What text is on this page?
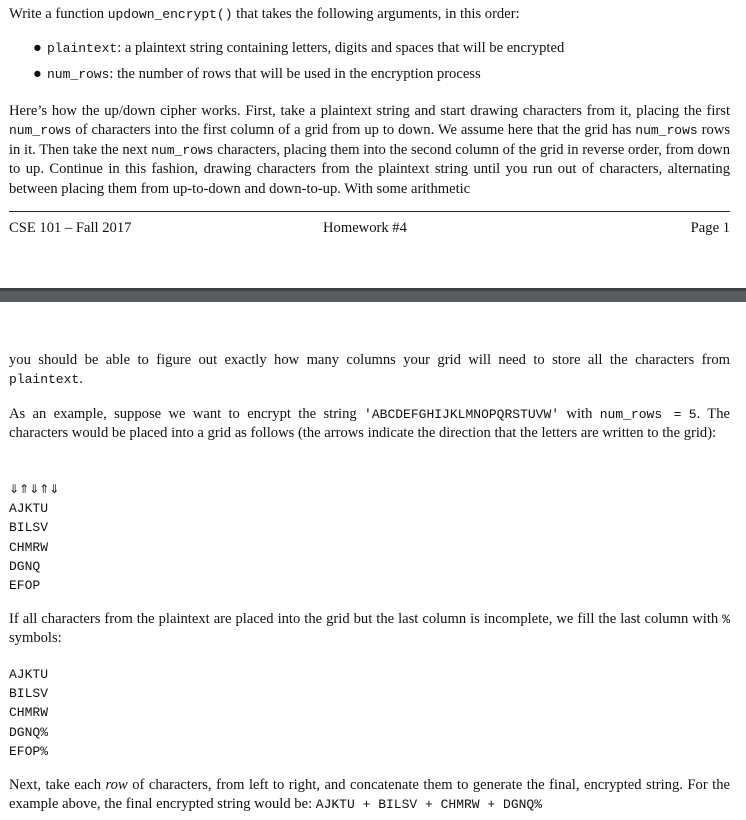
Write a function updown_encrypt() that takes the following arguments, in this order:

● plaintext: a plaintext string containing letters, digits and spaces that will be encrypted
● num_rows: the number of rows that will be used in the encryption process

Here’s how the up/down cipher works. First, take a plaintext string and start drawing characters from it, placing the first num_rows of characters into the first column of a grid from up to down. We assume here that the grid has num_rows rows in it. Then take the next num_rows characters, placing them into the second column of the grid in reverse order, from down to up. Continue in this fashion, drawing characters from the plaintext string until you run out of characters, alternating between placing them from up-to-down and down-to-up. With some arithmetic

CSE 101 – Fall 2017	Homework #4	Page 1

you should be able to figure out exactly how many columns your grid will need to store all the characters from plaintext.

As an example, suppose we want to encrypt the string 'ABCDEFGHIJKLMNOPQRSTUVW' with num_rows = 5. The characters would be placed into a grid as follows (the arrows indicate the direction that the letters are written to the grid):

⇓⇑⇓⇑⇓
AJKTU
BILSV
CHMRW
DGNQ
EFOP

If all characters from the plaintext are placed into the grid but the last column is incomplete, we fill the last column with % symbols:

AJKTU
BILSV
CHMRW
DGNQ%
EFOP%

Next, take each row of characters, from left to right, and concatenate them to generate the final, encrypted string. For the example above, the final encrypted string would be: AJKTU + BILSV + CHMRW + DGNQ%
